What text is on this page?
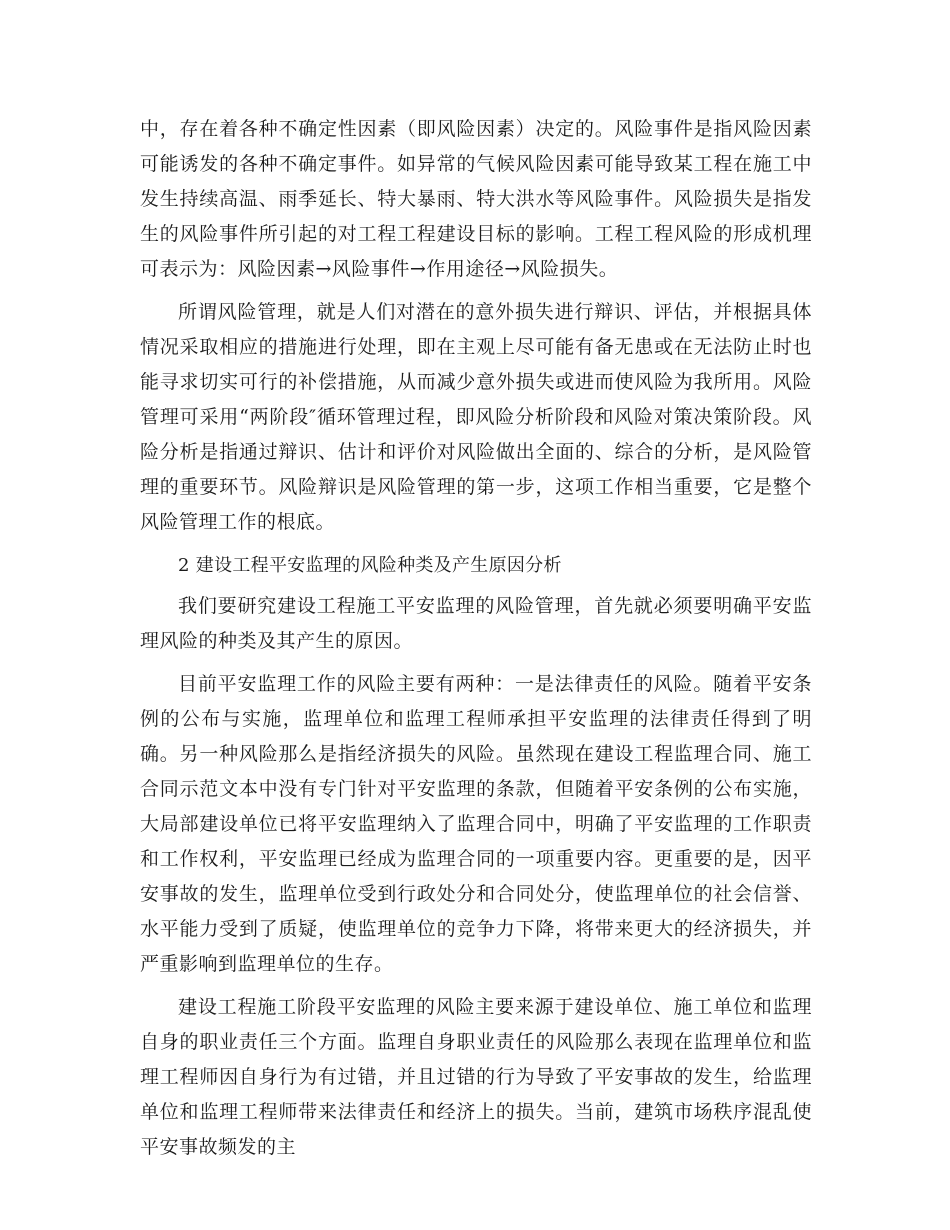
中，存在着各种不确定性因素（即风险因素）决定的。风险事件是指风险因素可能诱发的各种不确定事件。如异常的气候风险因素可能导致某工程在施工中发生持续高温、雨季延长、特大暴雨、特大洪水等风险事件。风险损失是指发生的风险事件所引起的对工程工程建设目标的影响。工程工程风险的形成机理可表示为：风险因素→风险事件→作用途径→风险损失。

所谓风险管理，就是人们对潜在的意外损失进行辩识、评估，并根据具体情况采取相应的措施进行处理，即在主观上尽可能有备无患或在无法防止时也能寻求切实可行的补偿措施，从而减少意外损失或进而使风险为我所用。风险管理可采用“两阶段″循环管理过程，即风险分析阶段和风险对策决策阶段。风险分析是指通过辩识、估计和评价对风险做出全面的、综合的分析，是风险管理的重要环节。风险辩识是风险管理的第一步，这项工作相当重要，它是整个风险管理工作的根底。

2 建设工程平安监理的风险种类及产生原因分析

我们要研究建设工程施工平安监理的风险管理，首先就必须要明确平安监理风险的种类及其产生的原因。

目前平安监理工作的风险主要有两种：一是法律责任的风险。随着平安条例的公布与实施，监理单位和监理工程师承担平安监理的法律责任得到了明确。另一种风险那么是指经济损失的风险。虽然现在建设工程监理合同、施工合同示范文本中没有专门针对平安监理的条款，但随着平安条例的公布实施，大局部建设单位已将平安监理纳入了监理合同中，明确了平安监理的工作职责和工作权利，平安监理已经成为监理合同的一项重要内容。更重要的是，因平安事故的发生，监理单位受到行政处分和合同处分，使监理单位的社会信誉、水平能力受到了质疑，使监理单位的竞争力下降，将带来更大的经济损失，并严重影响到监理单位的生存。

建设工程施工阶段平安监理的风险主要来源于建设单位、施工单位和监理自身的职业责任三个方面。监理自身职业责任的风险那么表现在监理单位和监理工程师因自身行为有过错，并且过错的行为导致了平安事故的发生，给监理单位和监理工程师带来法律责任和经济上的损失。当前，建筑市场秩序混乱使平安事故频发的主
